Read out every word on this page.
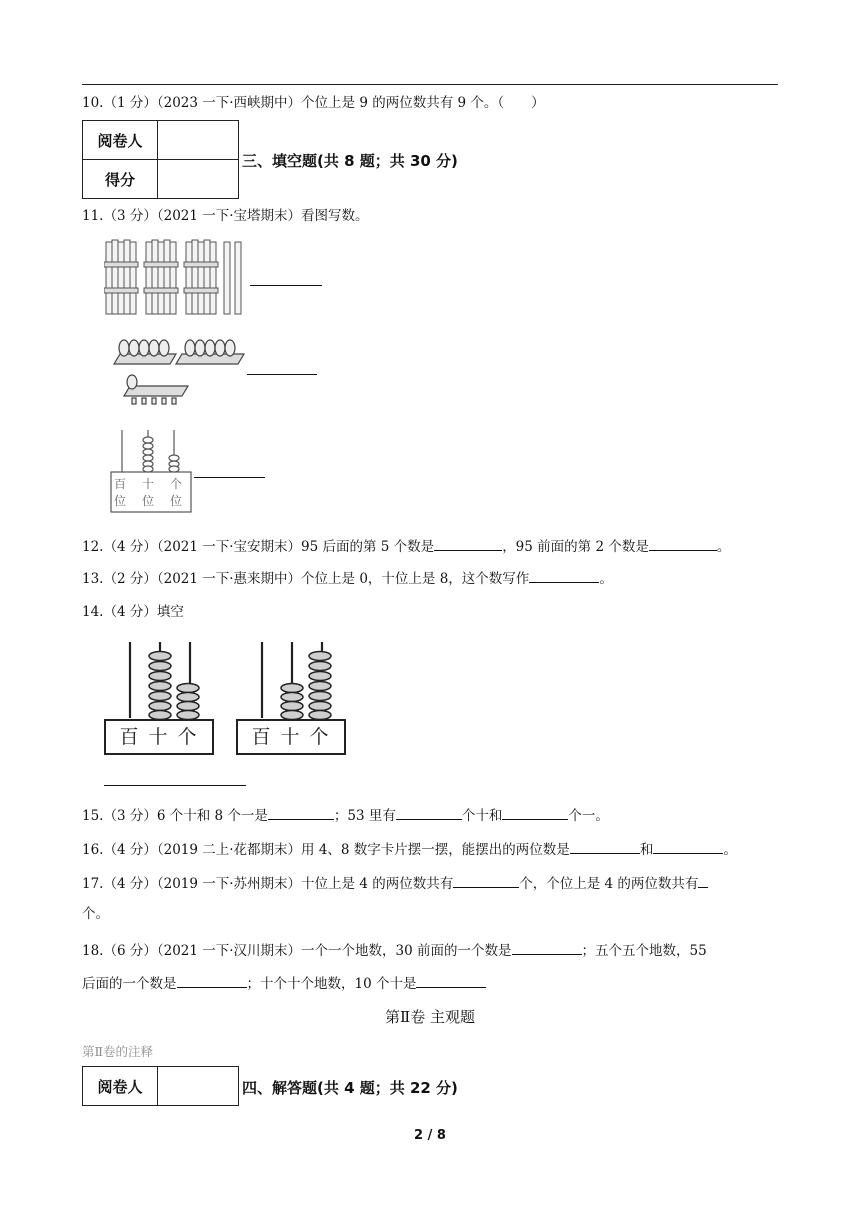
10.（1 分）（2023 一下·西峡期中）个位上是 9 的两位数共有 9 个。（　　）
阅卷人	
得分	
三、填空题(共 8 题；共 30 分)
11.（3 分）（2021 一下·宝塔期末）看图写数。
百
位
十
位
个
位
12.（4 分）（2021 一下·宝安期末）95 后面的第 5 个数是	，95 前面的第 2 个数是	。
13.（2 分）（2021 一下·惠来期中）个位上是 0，十位上是 8，这个数写作	。
14.（4 分）填空
百 十 个	百 十 个
15.（3 分）6 个十和 8 个一是	；53 里有	个十和	个一。
16.（4 分）（2019 二上·花都期末）用 4、8 数字卡片摆一摆，能摆出的两位数是	和	。
17.（4 分）（2019 一下·苏州期末）十位上是 4 的两位数共有	个，个位上是 4 的两位数共有
个。
18.（6 分）（2021 一下·汉川期末）一个一个地数，30 前面的一个数是	；五个五个地数，55
后面的一个数是	；十个十个地数，10 个十是
第Ⅱ卷 主观题
第Ⅱ卷的注释
阅卷人		四、解答题(共 4 题；共 22 分)
2 / 8
